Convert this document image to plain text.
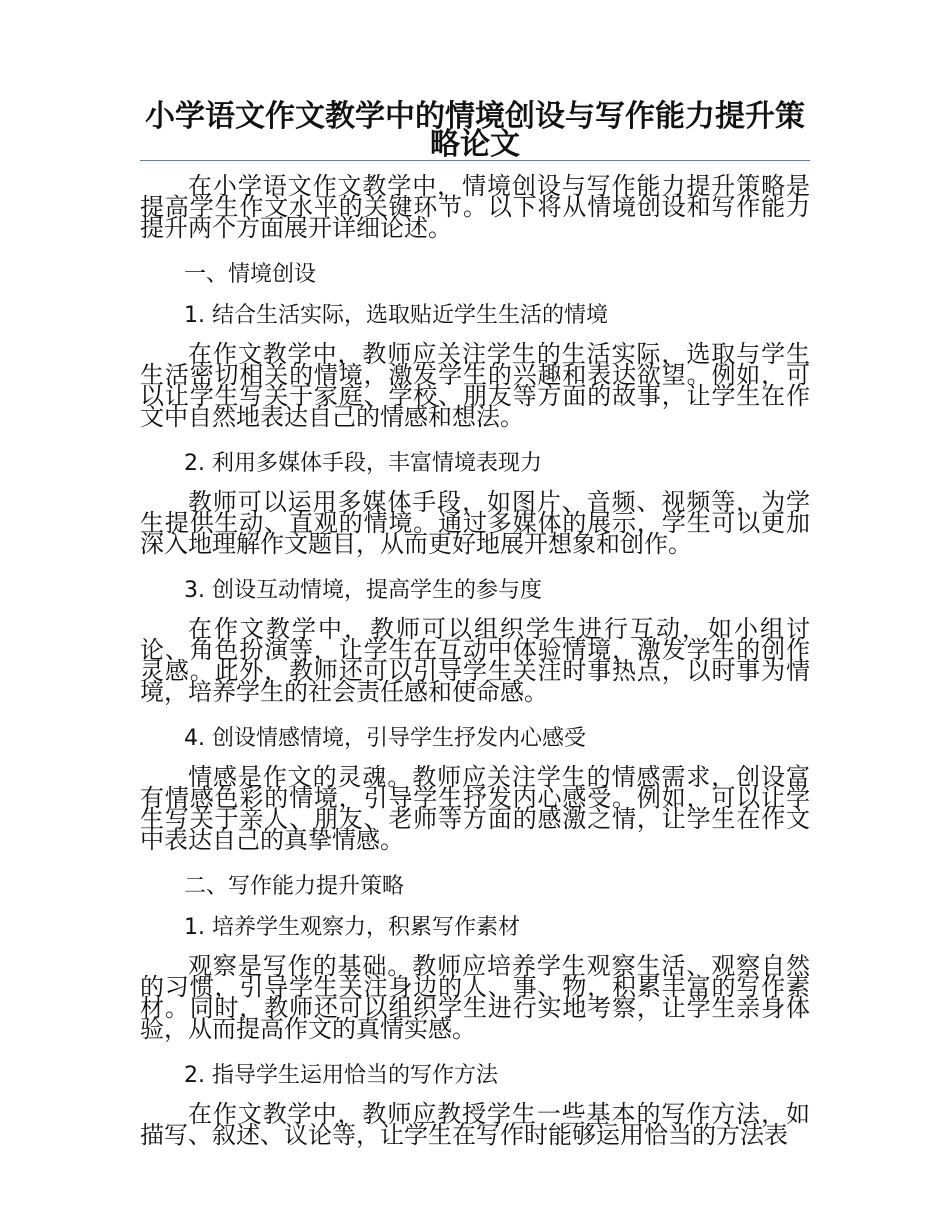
小学语文作文教学中的情境创设与写作能力提升策略论文

在小学语文作文教学中，情境创设与写作能力提升策略是提高学生作文水平的关键环节。以下将从情境创设和写作能力提升两个方面展开详细论述。

一、情境创设

1. 结合生活实际，选取贴近学生生活的情境

在作文教学中，教师应关注学生的生活实际，选取与学生生活密切相关的情境，激发学生的兴趣和表达欲望。例如，可以让学生写关于家庭、学校、朋友等方面的故事，让学生在作文中自然地表达自己的情感和想法。

2. 利用多媒体手段，丰富情境表现力

教师可以运用多媒体手段，如图片、音频、视频等，为学生提供生动、直观的情境。通过多媒体的展示，学生可以更加深入地理解作文题目，从而更好地展开想象和创作。

3. 创设互动情境，提高学生的参与度

在作文教学中，教师可以组织学生进行互动，如小组讨论、角色扮演等，让学生在互动中体验情境，激发学生的创作灵感。此外，教师还可以引导学生关注时事热点，以时事为情境，培养学生的社会责任感和使命感。

4. 创设情感情境，引导学生抒发内心感受

情感是作文的灵魂。教师应关注学生的情感需求，创设富有情感色彩的情境，引导学生抒发内心感受。例如，可以让学生写关于亲人、朋友、老师等方面的感激之情，让学生在作文中表达自己的真挚情感。

二、写作能力提升策略

1. 培养学生观察力，积累写作素材

观察是写作的基础。教师应培养学生观察生活、观察自然的习惯，引导学生关注身边的人、事、物，积累丰富的写作素材。同时，教师还可以组织学生进行实地考察，让学生亲身体验，从而提高作文的真情实感。

2. 指导学生运用恰当的写作方法

在作文教学中，教师应教授学生一些基本的写作方法，如描写、叙述、议论等，让学生在写作时能够运用恰当的方法表
